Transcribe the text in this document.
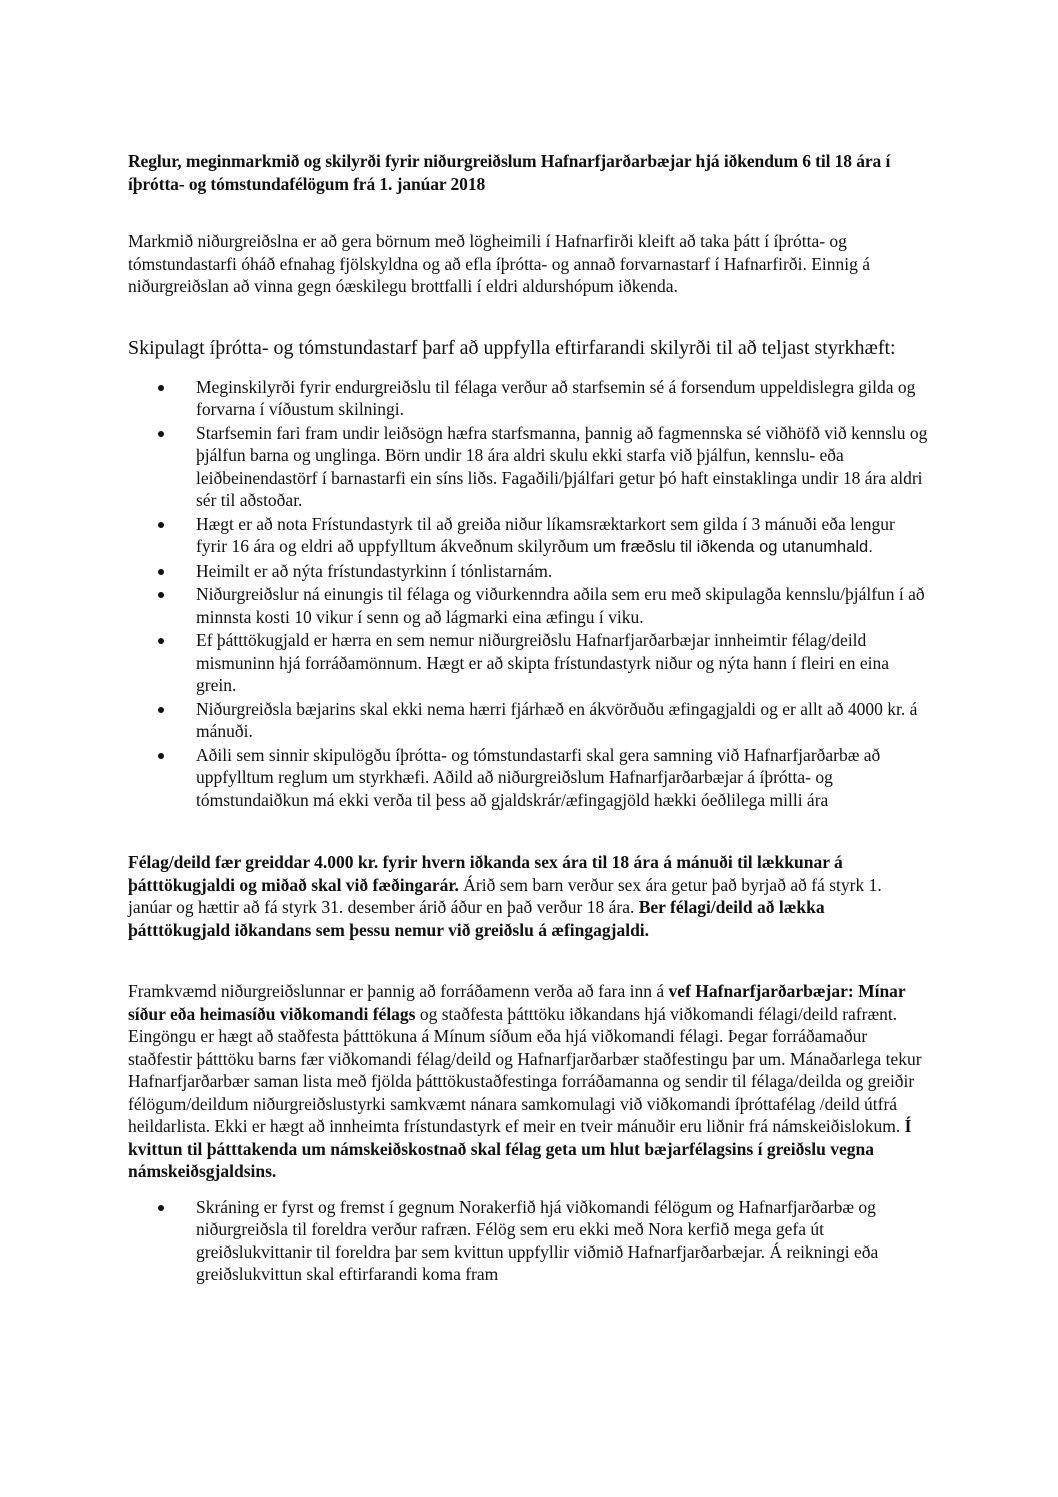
Reglur, meginmarkmið og skilyrði fyrir niðurgreiðslum Hafnarfjarðarbæjar hjá iðkendum 6 til 18 ára í íþrótta- og tómstundafélögum frá 1. janúar 2018

Markmið niðurgreiðslna er að gera börnum með lögheimili í Hafnarfirði kleift að taka þátt í íþrótta- og tómstundastarfi óháð efnahag fjölskyldna og að efla íþrótta- og annað forvarnastarf í Hafnarfirði. Einnig á niðurgreiðslan að vinna gegn óæskilegu brottfalli í eldri aldurshópum iðkenda.

Skipulagt íþrótta- og tómstundastarf þarf að uppfylla eftirfarandi skilyrði til að teljast styrkhæft:

Meginskilyrði fyrir endurgreiðslu til félaga verður að starfsemin sé á forsendum uppeldislegra gilda og forvarna í víðustum skilningi.
Starfsemin fari fram undir leiðsögn hæfra starfsmanna, þannig að fagmennska sé viðhöfð við kennslu og þjálfun barna og unglinga. Börn undir 18 ára aldri skulu ekki starfa við þjálfun, kennslu- eða leiðbeinendastörf í barnastarfi ein síns liðs. Fagaðili/þjálfari getur þó haft einstaklinga undir 18 ára aldri sér til aðstoðar.
Hægt er að nota Frístundastyrk til að greiða niður líkamsræktarkort sem gilda í 3 mánuði eða lengur fyrir 16 ára og eldri að uppfylltum ákveðnum skilyrðum um fræðslu til iðkenda og utanumhald.
Heimilt er að nýta frístundastyrkinn í tónlistarnám.
Niðurgreiðslur ná einungis til félaga og viðurkenndra aðila sem eru með skipulagða kennslu/þjálfun í að minnsta kosti 10 vikur í senn og að lágmarki eina æfingu í viku.
Ef þátttökugjald er hærra en sem nemur niðurgreiðslu Hafnarfjarðarbæjar innheimtir félag/deild mismuninn hjá forráðamönnum. Hægt er að skipta frístundastyrk niður og nýta hann í fleiri en eina grein.
Niðurgreiðsla bæjarins skal ekki nema hærri fjárhæð en ákvörðuðu æfingagjaldi og er allt að 4000 kr. á mánuði.
Aðili sem sinnir skipulögðu íþrótta- og tómstundastarfi skal gera samning við Hafnarfjarðarbæ að uppfylltum reglum um styrkhæfi. Aðild að niðurgreiðslum Hafnarfjarðarbæjar á íþrótta- og tómstundaiðkun má ekki verða til þess að gjaldskrár/æfingagjöld hækki óeðlilega milli ára

Félag/deild fær greiddar 4.000 kr. fyrir hvern iðkanda sex ára til 18 ára á mánuði til lækkunar á þátttökugjaldi og miðað skal við fæðingarár. Árið sem barn verður sex ára getur það byrjað að fá styrk 1. janúar og hættir að fá styrk 31. desember árið áður en það verður 18 ára. Ber félagi/deild að lækka þátttökugjald iðkandans sem þessu nemur við greiðslu á æfingagjaldi.

Framkvæmd niðurgreiðslunnar er þannig að forráðamenn verða að fara inn á vef Hafnarfjarðarbæjar: Mínar síður eða heimasíðu viðkomandi félags og staðfesta þátttöku iðkandans hjá viðkomandi félagi/deild rafrænt. Eingöngu er hægt að staðfesta þátttökuna á Mínum síðum eða hjá viðkomandi félagi. Þegar forráðamaður staðfestir þátttöku barns fær viðkomandi félag/deild og Hafnarfjarðarbær staðfestingu þar um. Mánaðarlega tekur Hafnarfjarðarbær saman lista með fjölda þátttökustaðfestinga forráðamanna og sendir til félaga/deilda og greiðir félögum/deildum niðurgreiðslustyrki samkvæmt nánara samkomulagi við viðkomandi íþróttafélag /deild útfrá heildarlista. Ekki er hægt að innheimta frístundastyrk ef meir en tveir mánuðir eru liðnir frá námskeiðislokum. Í kvittun til þátttakenda um námskeiðskostnað skal félag geta um hlut bæjarfélagsins í greiðslu vegna námskeiðsgjaldsins.

Skráning er fyrst og fremst í gegnum Norakerfið hjá viðkomandi félögum og Hafnarfjarðarbæ og niðurgreiðsla til foreldra verður rafræn. Félög sem eru ekki með Nora kerfið mega gefa út greiðslukvittanir til foreldra þar sem kvittun uppfyllir viðmið Hafnarfjarðarbæjar. Á reikningi eða greiðslukvittun skal eftirfarandi koma fram
